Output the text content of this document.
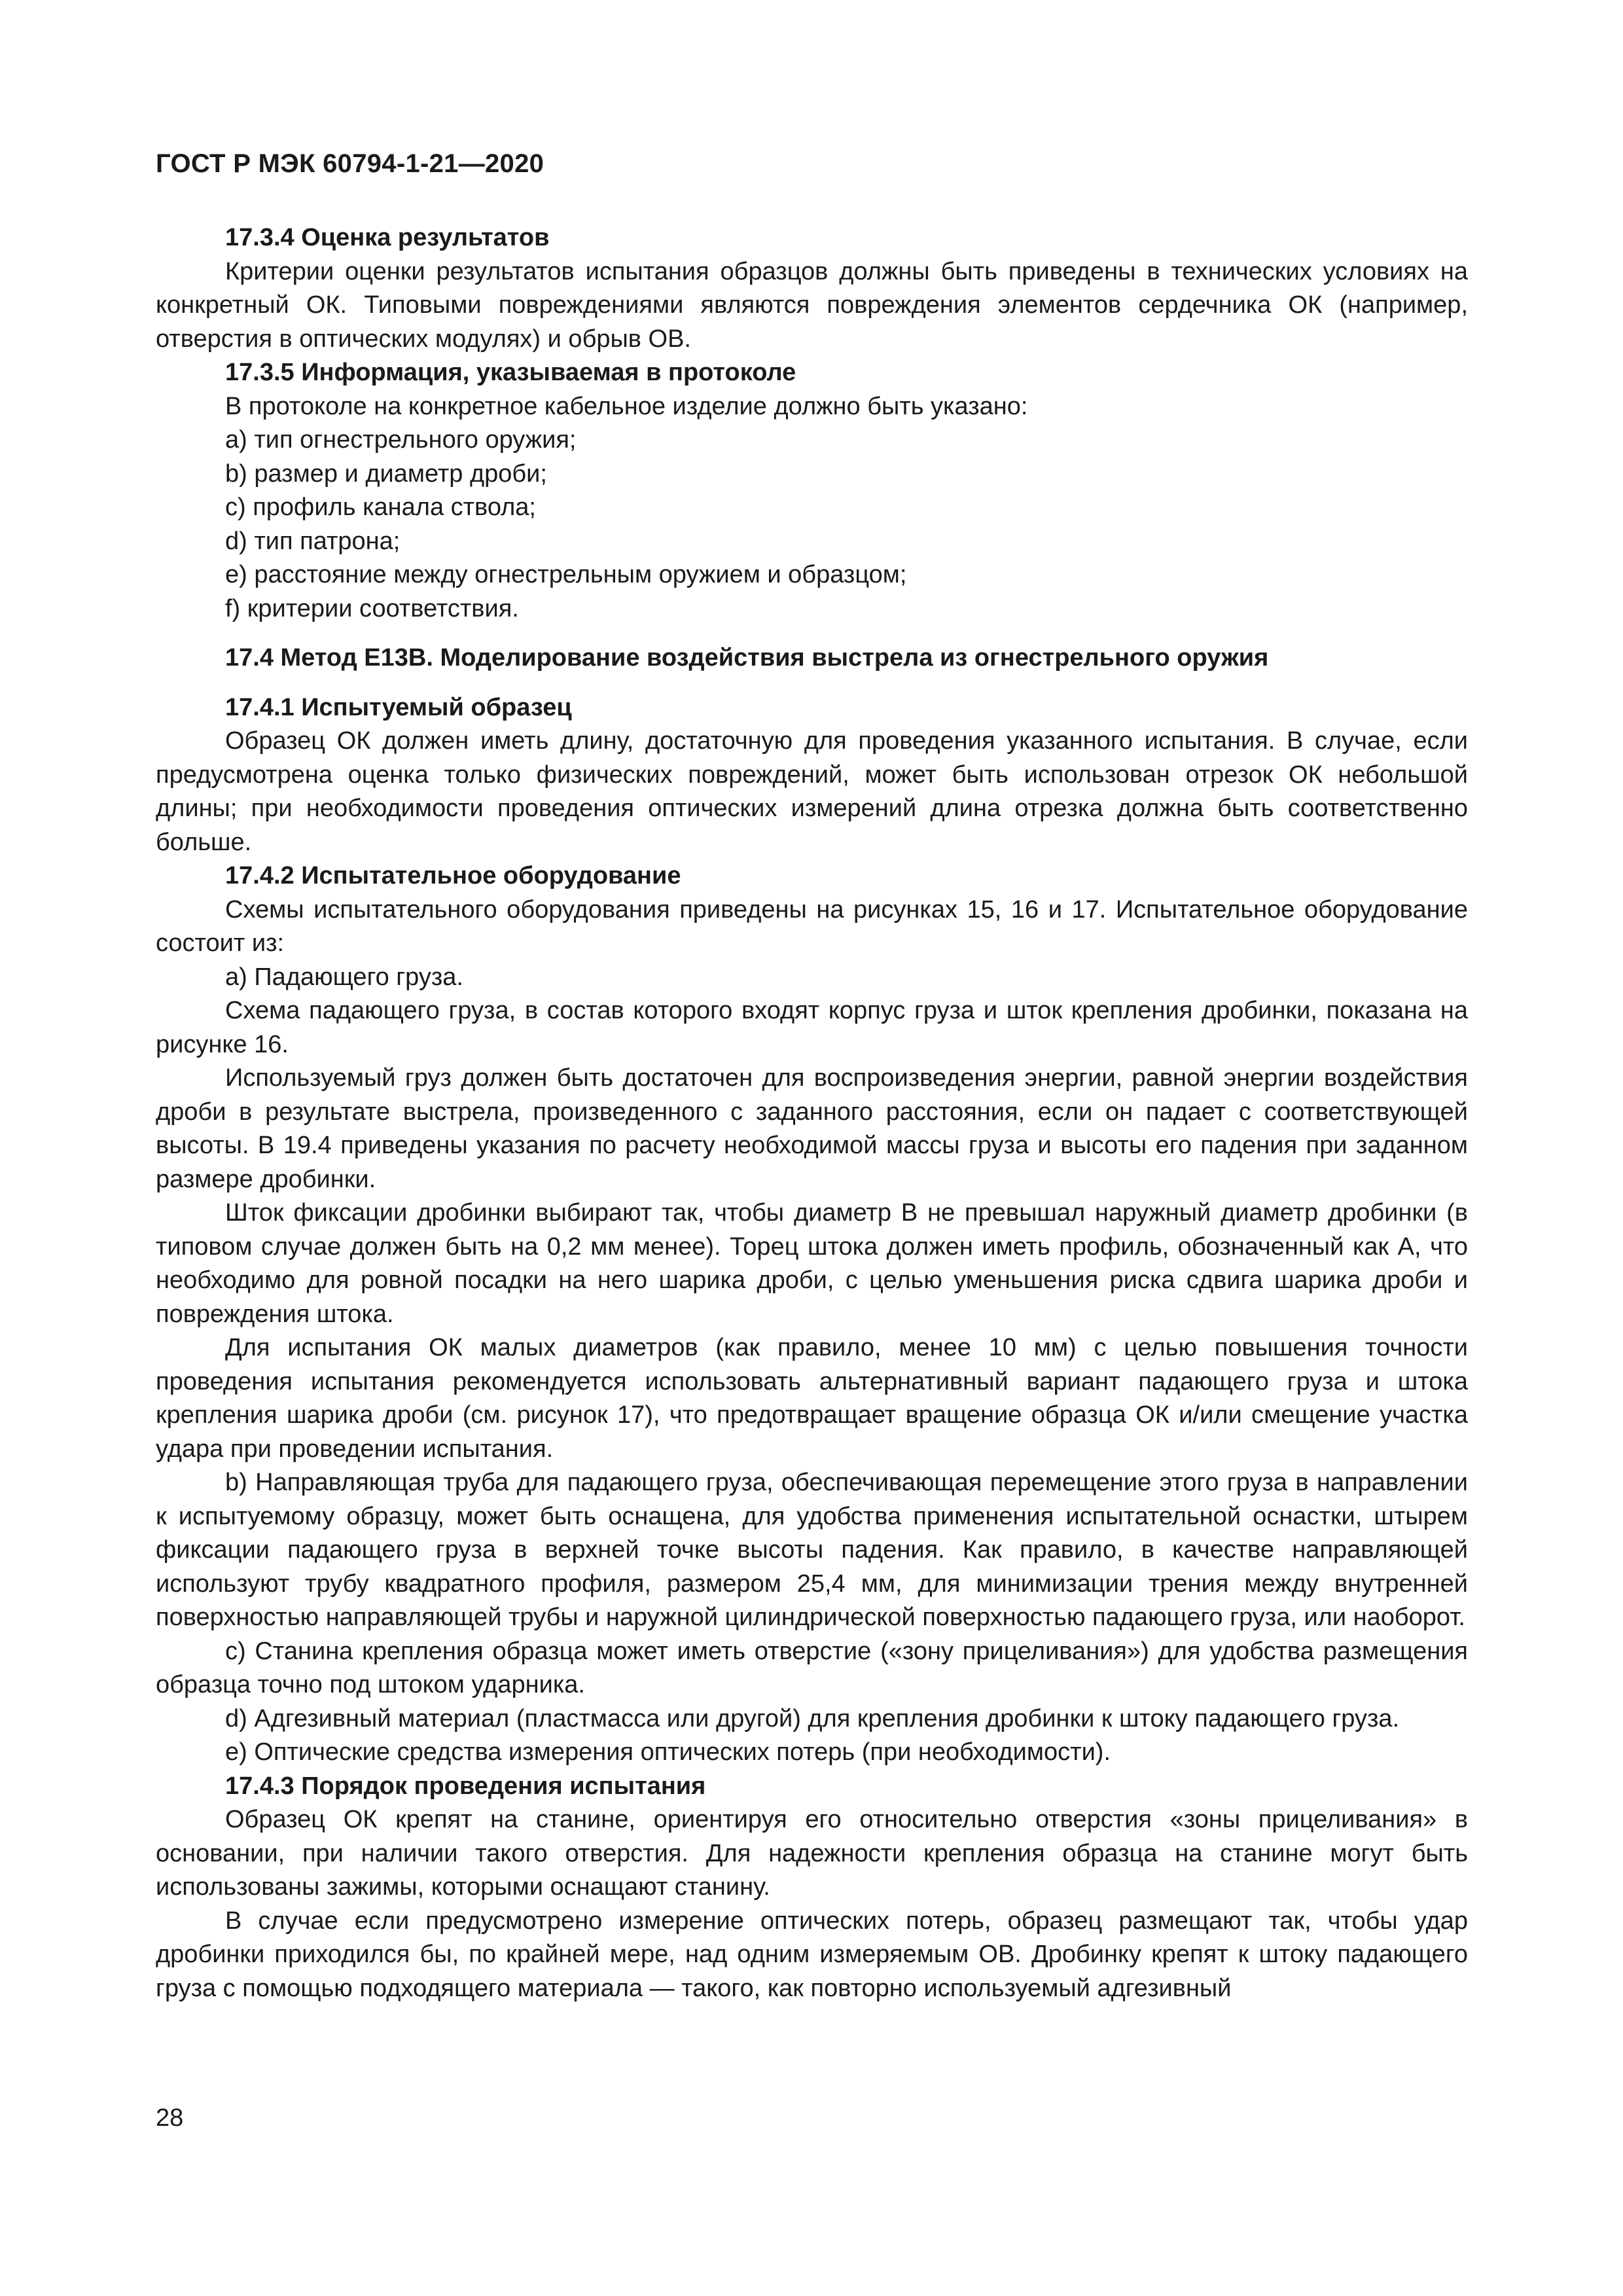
ГОСТ Р МЭК 60794-1-21—2020
17.3.4 Оценка результатов

Критерии оценки результатов испытания образцов должны быть приведены в технических условиях на конкретный ОК. Типовыми повреждениями являются повреждения элементов сердечника ОК (например, отверстия в оптических модулях) и обрыв ОВ.

17.3.5 Информация, указываемая в протоколе

В протоколе на конкретное кабельное изделие должно быть указано:

a) тип огнестрельного оружия;

b) размер и диаметр дроби;

c) профиль канала ствола;

d) тип патрона;

e) расстояние между огнестрельным оружием и образцом;

f) критерии соответствия.

17.4 Метод E13B. Моделирование воздействия выстрела из огнестрельного оружия
17.4.1 Испытуемый образец

Образец ОК должен иметь длину, достаточную для проведения указанного испытания. В случае, если предусмотрена оценка только физических повреждений, может быть использован отрезок ОК небольшой длины; при необходимости проведения оптических измерений длина отрезка должна быть соответственно больше.

17.4.2 Испытательное оборудование

Схемы испытательного оборудования приведены на рисунках 15, 16 и 17. Испытательное оборудование состоит из:

a) Падающего груза.

Схема падающего груза, в состав которого входят корпус груза и шток крепления дробинки, показана на рисунке 16.

Используемый груз должен быть достаточен для воспроизведения энергии, равной энергии воздействия дроби в результате выстрела, произведенного с заданного расстояния, если он падает с соответствующей высоты. В 19.4 приведены указания по расчету необходимой массы груза и высоты его падения при заданном размере дробинки.

Шток фиксации дробинки выбирают так, чтобы диаметр B не превышал наружный диаметр дробинки (в типовом случае должен быть на 0,2 мм менее). Торец штока должен иметь профиль, обозначенный как A, что необходимо для ровной посадки на него шарика дроби, с целью уменьшения риска сдвига шарика дроби и повреждения штока.

Для испытания ОК малых диаметров (как правило, менее 10 мм) с целью повышения точности проведения испытания рекомендуется использовать альтернативный вариант падающего груза и штока крепления шарика дроби (см. рисунок 17), что предотвращает вращение образца ОК и/или смещение участка удара при проведении испытания.

b) Направляющая труба для падающего груза, обеспечивающая перемещение этого груза в направлении к испытуемому образцу, может быть оснащена, для удобства применения испытательной оснастки, штырем фиксации падающего груза в верхней точке высоты падения. Как правило, в качестве направляющей используют трубу квадратного профиля, размером 25,4 мм, для минимизации трения между внутренней поверхностью направляющей трубы и наружной цилиндрической поверхностью падающего груза, или наоборот.

c) Станина крепления образца может иметь отверстие («зону прицеливания») для удобства размещения образца точно под штоком ударника.

d) Адгезивный материал (пластмасса или другой) для крепления дробинки к штоку падающего груза.

e) Оптические средства измерения оптических потерь (при необходимости).

17.4.3 Порядок проведения испытания

Образец ОК крепят на станине, ориентируя его относительно отверстия «зоны прицеливания» в основании, при наличии такого отверстия. Для надежности крепления образца на станине могут быть использованы зажимы, которыми оснащают станину.

В случае если предусмотрено измерение оптических потерь, образец размещают так, чтобы удар дробинки приходился бы, по крайней мере, над одним измеряемым ОВ. Дробинку крепят к штоку падающего груза с помощью подходящего материала — такого, как повторно используемый адгезивный

28
